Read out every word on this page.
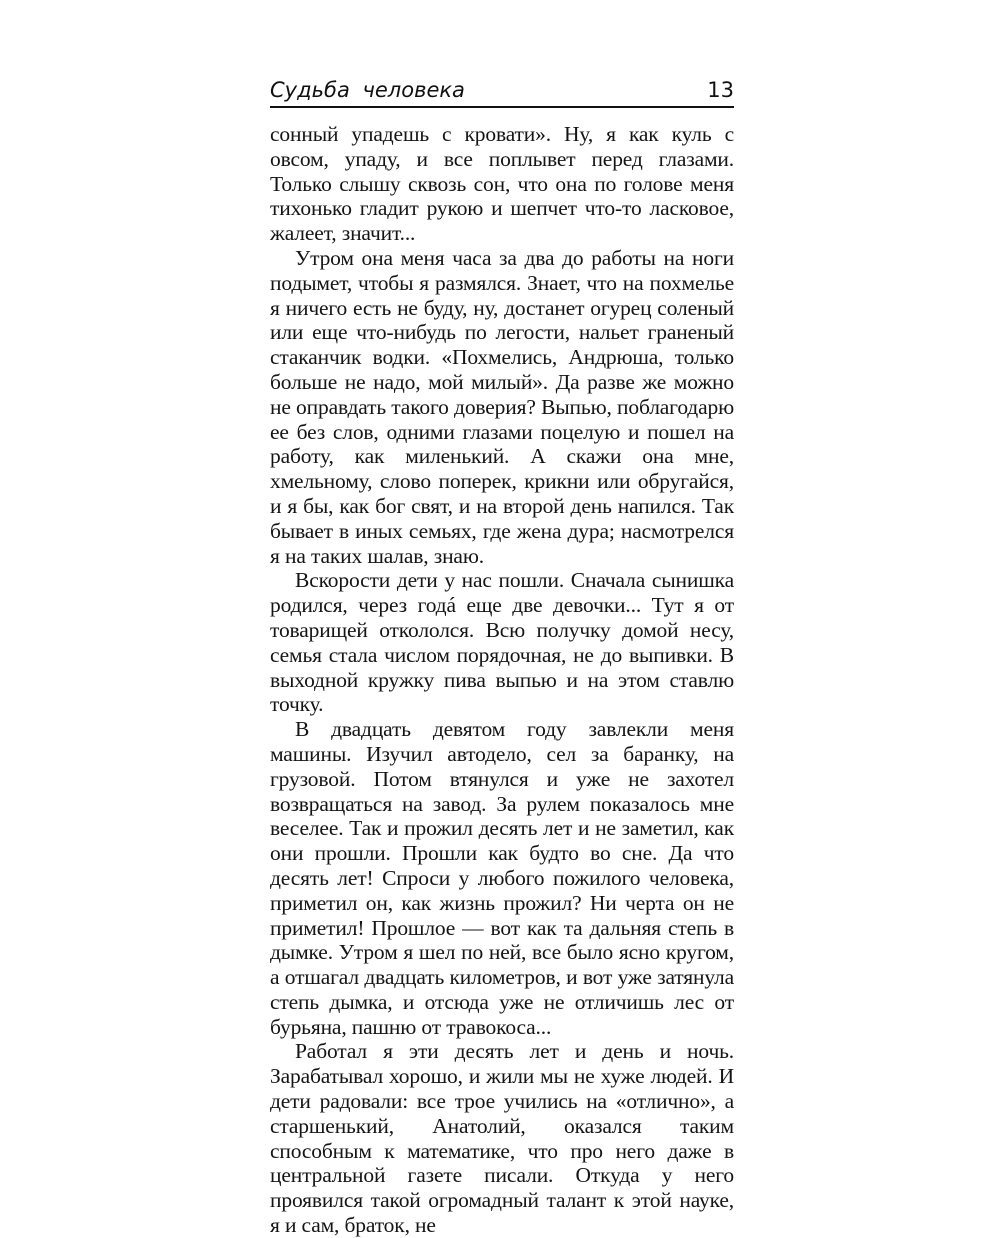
Судьба человека	13

сонный упадешь с кровати». Ну, я как куль с овсом, упаду, и все поплывет перед глазами. Только слышу сквозь сон, что она по голове меня тихонько гладит рукою и шепчет что-то ласковое, жалеет, значит...

Утром она меня часа за два до работы на ноги подымет, чтобы я размялся. Знает, что на похмелье я ничего есть не буду, ну, достанет огурец соленый или еще что-нибудь по легости, нальет граненый стаканчик водки. «Похмелись, Андрюша, только больше не надо, мой милый». Да разве же можно не оправдать такого доверия? Выпью, поблагодарю ее без слов, одними глазами поцелую и пошел на работу, как миленький. А скажи она мне, хмельному, слово поперек, крикни или обругайся, и я бы, как бог свят, и на второй день напился. Так бывает в иных семьях, где жена дура; насмотрелся я на таких шалав, знаю.

Вскорости дети у нас пошли. Сначала сынишка родился, через годá еще две девочки... Тут я от товарищей откололся. Всю получку домой несу, семья стала числом порядочная, не до выпивки. В выходной кружку пива выпью и на этом ставлю точку.

В двадцать девятом году завлекли меня машины. Изучил автодело, сел за баранку, на грузовой. Потом втянулся и уже не захотел возвращаться на завод. За рулем показалось мне веселее. Так и прожил десять лет и не заметил, как они прошли. Прошли как будто во сне. Да что десять лет! Спроси у любого пожилого человека, приметил он, как жизнь прожил? Ни черта он не приметил! Прошлое — вот как та дальняя степь в дымке. Утром я шел по ней, все было ясно кругом, а отшагал двадцать километров, и вот уже затянула степь дымка, и отсюда уже не отличишь лес от бурьяна, пашню от травокоса...

Работал я эти десять лет и день и ночь. Зарабатывал хорошо, и жили мы не хуже людей. И дети радовали: все трое учились на «отлично», а старшенький, Анатолий, оказался таким способным к математике, что про него даже в центральной газете писали. Откуда у него проявился такой огромадный талант к этой науке, я и сам, браток, не
